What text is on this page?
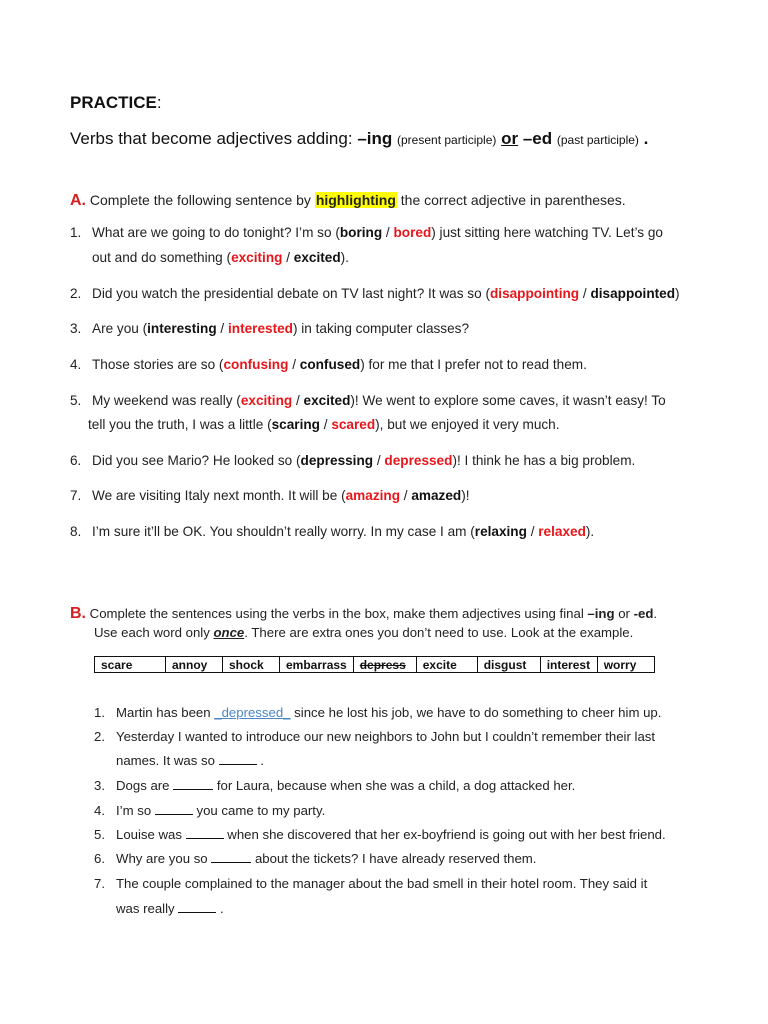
PRACTICE:
Verbs that become adjectives adding: –ing (present participle) or –ed (past participle) .
A. Complete the following sentence by highlighting the correct adjective in parentheses.
1. What are we going to do tonight? I’m so (boring / bored) just sitting here watching TV. Let’s go
out and do something (exciting / excited).
2. Did you watch the presidential debate on TV last night? It was so (disappointing / disappointed)
3. Are you (interesting / interested) in taking computer classes?
4. Those stories are so (confusing / confused) for me that I prefer not to read them.
5. My weekend was really (exciting / excited)! We went to explore some caves, it wasn’t easy! To
tell you the truth, I was a little (scaring / scared), but we enjoyed it very much.
6. Did you see Mario? He looked so (depressing / depressed)! I think he has a big problem.
7. We are visiting Italy next month. It will be (amazing / amazed)!
8. I’m sure it’ll be OK. You shouldn’t really worry. In my case I am (relaxing / relaxed).
B. Complete the sentences using the verbs in the box, make them adjectives using final –ing or -ed.
Use each word only once. There are extra ones you don’t need to use. Look at the example.
scare	annoy	shock	embarrass	depress	excite	disgust	interest	worry
1. Martin has been _depressed_ since he lost his job, we have to do something to cheer him up.
2. Yesterday I wanted to introduce our new neighbors to John but I couldn’t remember their last
names. It was so	.
3. Dogs are	for Laura, because when she was a child, a dog attacked her.
4. I’m so	you came to my party.
5. Louise was	when she discovered that her ex-boyfriend is going out with her best friend.
6. Why are you so	about the tickets? I have already reserved them.
7. The couple complained to the manager about the bad smell in their hotel room. They said it
was really	.
